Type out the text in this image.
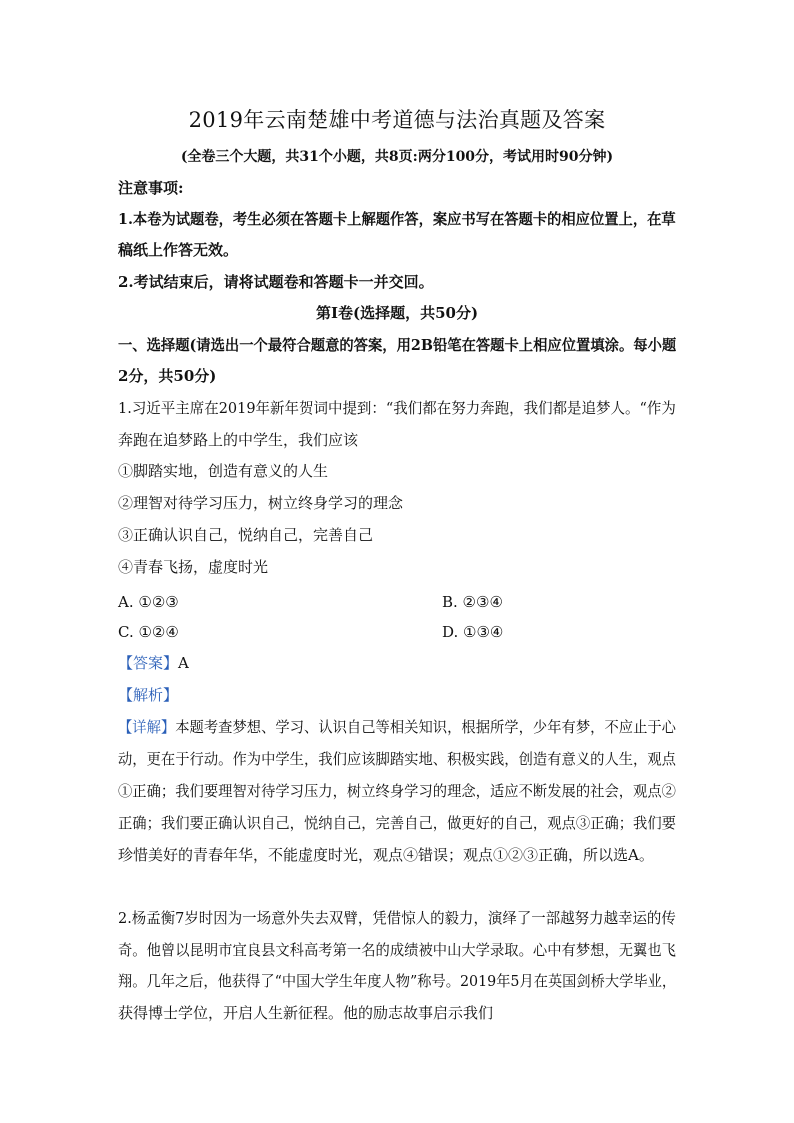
2019年云南楚雄中考道德与法治真题及答案
(全卷三个大题，共31个小题，共8页:两分100分，考试用时90分钟)
注意事项:
1.本卷为试题卷，考生必须在答题卡上解题作答，案应书写在答题卡的相应位置上，在草
稿纸上作答无效。
2.考试结束后，请将试题卷和答题卡一并交回。
第Ⅰ卷(选择题，共50分)
一、选择题(请选出一个最符合题意的答案，用2B铅笔在答题卡上相应位置填涂。每小题
2分，共50分)
1.习近平主席在2019年新年贺词中提到：“我们都在努力奔跑，我们都是追梦人。“作为
奔跑在追梦路上的中学生，我们应该
①脚踏实地，创造有意义的人生
②理智对待学习压力，树立终身学习的理念
③正确认识自己，悦纳自己，完善自己
④青春飞扬，虚度时光
A. ①②③	B. ②③④
C. ①②④	D. ①③④
【答案】A
【解析】
【详解】本题考查梦想、学习、认识自己等相关知识，根据所学，少年有梦，不应止于心
动，更在于行动。作为中学生，我们应该脚踏实地、积极实践，创造有意义的人生，观点
①正确；我们要理智对待学习压力，树立终身学习的理念，适应不断发展的社会，观点②
正确；我们要正确认识自己，悦纳自己，完善自己，做更好的自己，观点③正确；我们要
珍惜美好的青春年华，不能虚度时光，观点④错误；观点①②③正确，所以选A。
2.杨孟衡7岁时因为一场意外失去双臂，凭借惊人的毅力，演绎了一部越努力越幸运的传
奇。他曾以昆明市宜良县文科高考第一名的成绩被中山大学录取。心中有梦想，无翼也飞
翔。几年之后，他获得了“中国大学生年度人物”称号。2019年5月在英国剑桥大学毕业，
获得博士学位，开启人生新征程。他的励志故事启示我们
